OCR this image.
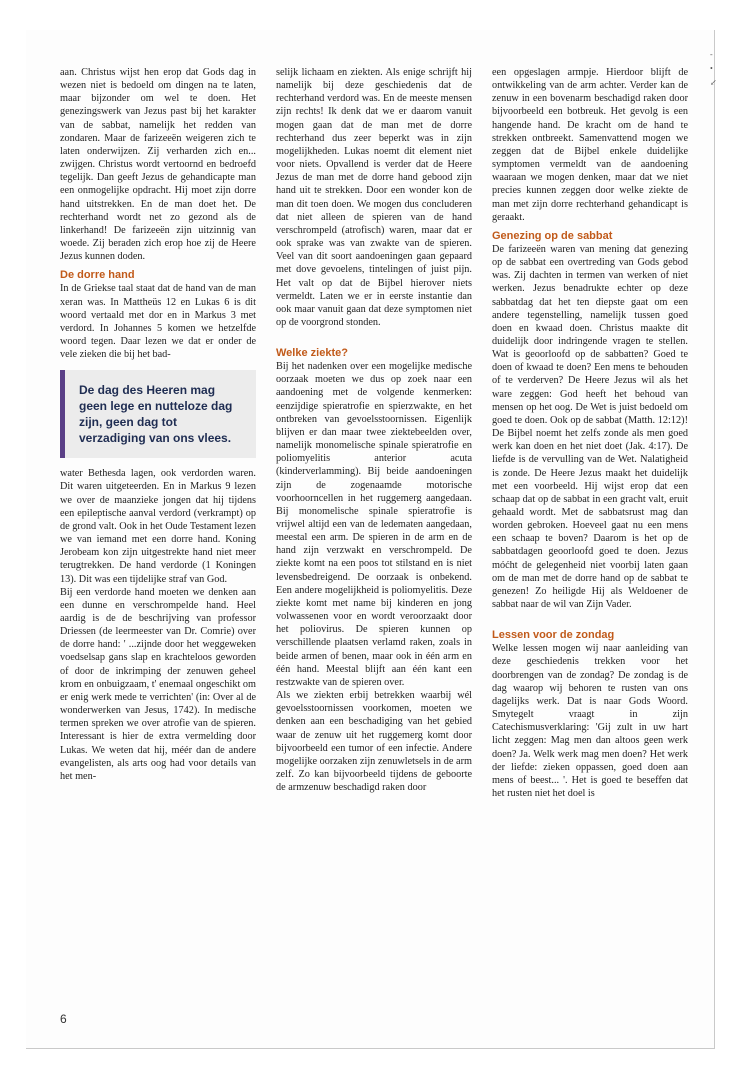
-
•
↙

aan. Christus wijst hen erop dat Gods dag in wezen niet is bedoeld om dingen na te laten, maar bijzonder om wel te doen. Het genezingswerk van Jezus past bij het karakter van de sabbat, namelijk het redden van zondaren. Maar de farizeeën weigeren zich te laten onderwijzen. Zij verharden zich en... zwijgen. Christus wordt vertoornd en bedroefd tegelijk. Dan geeft Jezus de gehandicapte man een onmogelijke opdracht. Hij moet zijn dorre hand uitstrekken. En de man doet het. De rechterhand wordt net zo gezond als de linkerhand! De farizeeën zijn uitzinnig van woede. Zij beraden zich erop hoe zij de Heere Jezus kunnen doden.

De dorre hand

In de Griekse taal staat dat de hand van de man xeran was. In Mattheüs 12 en Lukas 6 is dit woord vertaald met dor en in Markus 3 met verdord. In Johannes 5 komen we hetzelfde woord tegen. Daar lezen we dat er onder de vele zieken die bij het bad-

De dag des Heeren mag geen lege en nutteloze dag zijn, geen dag tot verzadiging van ons vlees.

water Bethesda lagen, ook verdorden waren. Dit waren uitgeteerden. En in Markus 9 lezen we over de maanzieke jongen dat hij tijdens een epileptische aanval verdord (verkrampt) op de grond valt. Ook in het Oude Testament lezen we van iemand met een dorre hand. Koning Jerobeam kon zijn uitgestrekte hand niet meer terugtrekken. De hand verdorde (1 Koningen 13). Dit was een tijdelijke straf van God.

Bij een verdorde hand moeten we denken aan een dunne en verschrompelde hand. Heel aardig is de de beschrijving van professor Driessen (de leermeester van Dr. Comrie) over de dorre hand: ' ...zijnde door het weggeweken voedselsap gans slap en krachteloos geworden of door de inkrimping der zenuwen geheel krom en onbuigzaam, t' enemaal ongeschikt om er enig werk mede te verrichten' (in: Over al de wonderwerken van Jesus, 1742). In medische termen spreken we over atrofie van de spieren. Interessant is hier de extra vermelding door Lukas. We weten dat hij, méér dan de andere evangelisten, als arts oog had voor details van het men-

selijk lichaam en ziekten. Als enige schrijft hij namelijk bij deze geschiedenis dat de rechterhand verdord was. En de meeste mensen zijn rechts! Ik denk dat we er daarom vanuit mogen gaan dat de man met de dorre rechterhand dus zeer beperkt was in zijn mogelijkheden. Lukas noemt dit element niet voor niets. Opvallend is verder dat de Heere Jezus de man met de dorre hand gebood zijn hand uit te strekken. Door een wonder kon de man dit toen doen. We mogen dus concluderen dat niet alleen de spieren van de hand verschrompeld (atrofisch) waren, maar dat er ook sprake was van zwakte van de spieren. Veel van dit soort aandoeningen gaan gepaard met dove gevoelens, tintelingen of juist pijn. Het valt op dat de Bijbel hierover niets vermeldt. Laten we er in eerste instantie dan ook maar vanuit gaan dat deze symptomen niet op de voorgrond stonden.

Welke ziekte?

Bij het nadenken over een mogelijke medische oorzaak moeten we dus op zoek naar een aandoening met de volgende kenmerken: eenzijdige spieratrofie en spierzwakte, en het ontbreken van gevoelsstoornissen. Eigenlijk blijven er dan maar twee ziektebeelden over, namelijk monomelische spinale spieratrofie en poliomyelitis anterior acuta (kinderverlamming). Bij beide aandoeningen zijn de zogenaamde motorische voorhoorncellen in het ruggemerg aangedaan. Bij monomelische spinale spieratrofie is vrijwel altijd een van de ledematen aangedaan, meestal een arm. De spieren in de arm en de hand zijn verzwakt en verschrompeld. De ziekte komt na een poos tot stilstand en is niet levensbedreigend. De oorzaak is onbekend. Een andere mogelijkheid is poliomyelitis. Deze ziekte komt met name bij kinderen en jong volwassenen voor en wordt veroorzaakt door het poliovirus. De spieren kunnen op verschillende plaatsen verlamd raken, zoals in beide armen of benen, maar ook in één arm en één hand. Meestal blijft aan één kant een restzwakte van de spieren over.

Als we ziekten erbij betrekken waarbij wél gevoelsstoornissen voorkomen, moeten we denken aan een beschadiging van het gebied waar de zenuw uit het ruggemerg komt door bijvoorbeeld een tumor of een infectie. Andere mogelijke oorzaken zijn zenuwletsels in de arm zelf. Zo kan bijvoorbeeld tijdens de geboorte de armzenuw beschadigd raken door

een opgeslagen armpje. Hierdoor blijft de ontwikkeling van de arm achter. Verder kan de zenuw in een bovenarm beschadigd raken door bijvoorbeeld een botbreuk. Het gevolg is een hangende hand. De kracht om de hand te strekken ontbreekt. Samenvattend mogen we zeggen dat de Bijbel enkele duidelijke symptomen vermeldt van de aandoening waaraan we mogen denken, maar dat we niet precies kunnen zeggen door welke ziekte de man met zijn dorre rechterhand gehandicapt is geraakt.

Genezing op de sabbat

De farizeeën waren van mening dat genezing op de sabbat een overtreding van Gods gebod was. Zij dachten in termen van werken of niet werken. Jezus benadrukte echter op deze sabbatdag dat het ten diepste gaat om een andere tegenstelling, namelijk tussen goed doen en kwaad doen. Christus maakte dit duidelijk door indringende vragen te stellen. Wat is geoorloofd op de sabbatten? Goed te doen of kwaad te doen? Een mens te behouden of te verderven? De Heere Jezus wil als het ware zeggen: God heeft het behoud van mensen op het oog. De Wet is juist bedoeld om goed te doen. Ook op de sabbat (Matth. 12:12)! De Bijbel noemt het zelfs zonde als men goed werk kan doen en het niet doet (Jak. 4:17). De liefde is de vervulling van de Wet. Nalatigheid is zonde. De Heere Jezus maakt het duidelijk met een voorbeeld. Hij wijst erop dat een schaap dat op de sabbat in een gracht valt, eruit gehaald wordt. Met de sabbatsrust mag dan worden gebroken. Hoeveel gaat nu een mens een schaap te boven? Daarom is het op de sabbatdagen geoorloofd goed te doen. Jezus móćht de gelegenheid niet voorbij laten gaan om de man met de dorre hand op de sabbat te genezen! Zo heiligde Hij als Weldoener de sabbat naar de wil van Zijn Vader.

Lessen voor de zondag

Welke lessen mogen wij naar aanleiding van deze geschiedenis trekken voor het doorbrengen van de zondag? De zondag is de dag waarop wij behoren te rusten van ons dagelijks werk. Dat is naar Gods Woord. Smytegelt vraagt in zijn Catechismusverklaring: 'Gij zult in uw hart licht zeggen: Mag men dan altoos geen werk doen? Ja. Welk werk mag men doen? Het werk der liefde: zieken oppassen, goed doen aan mens of beest... '. Het is goed te beseffen dat het rusten niet het doel is

6
